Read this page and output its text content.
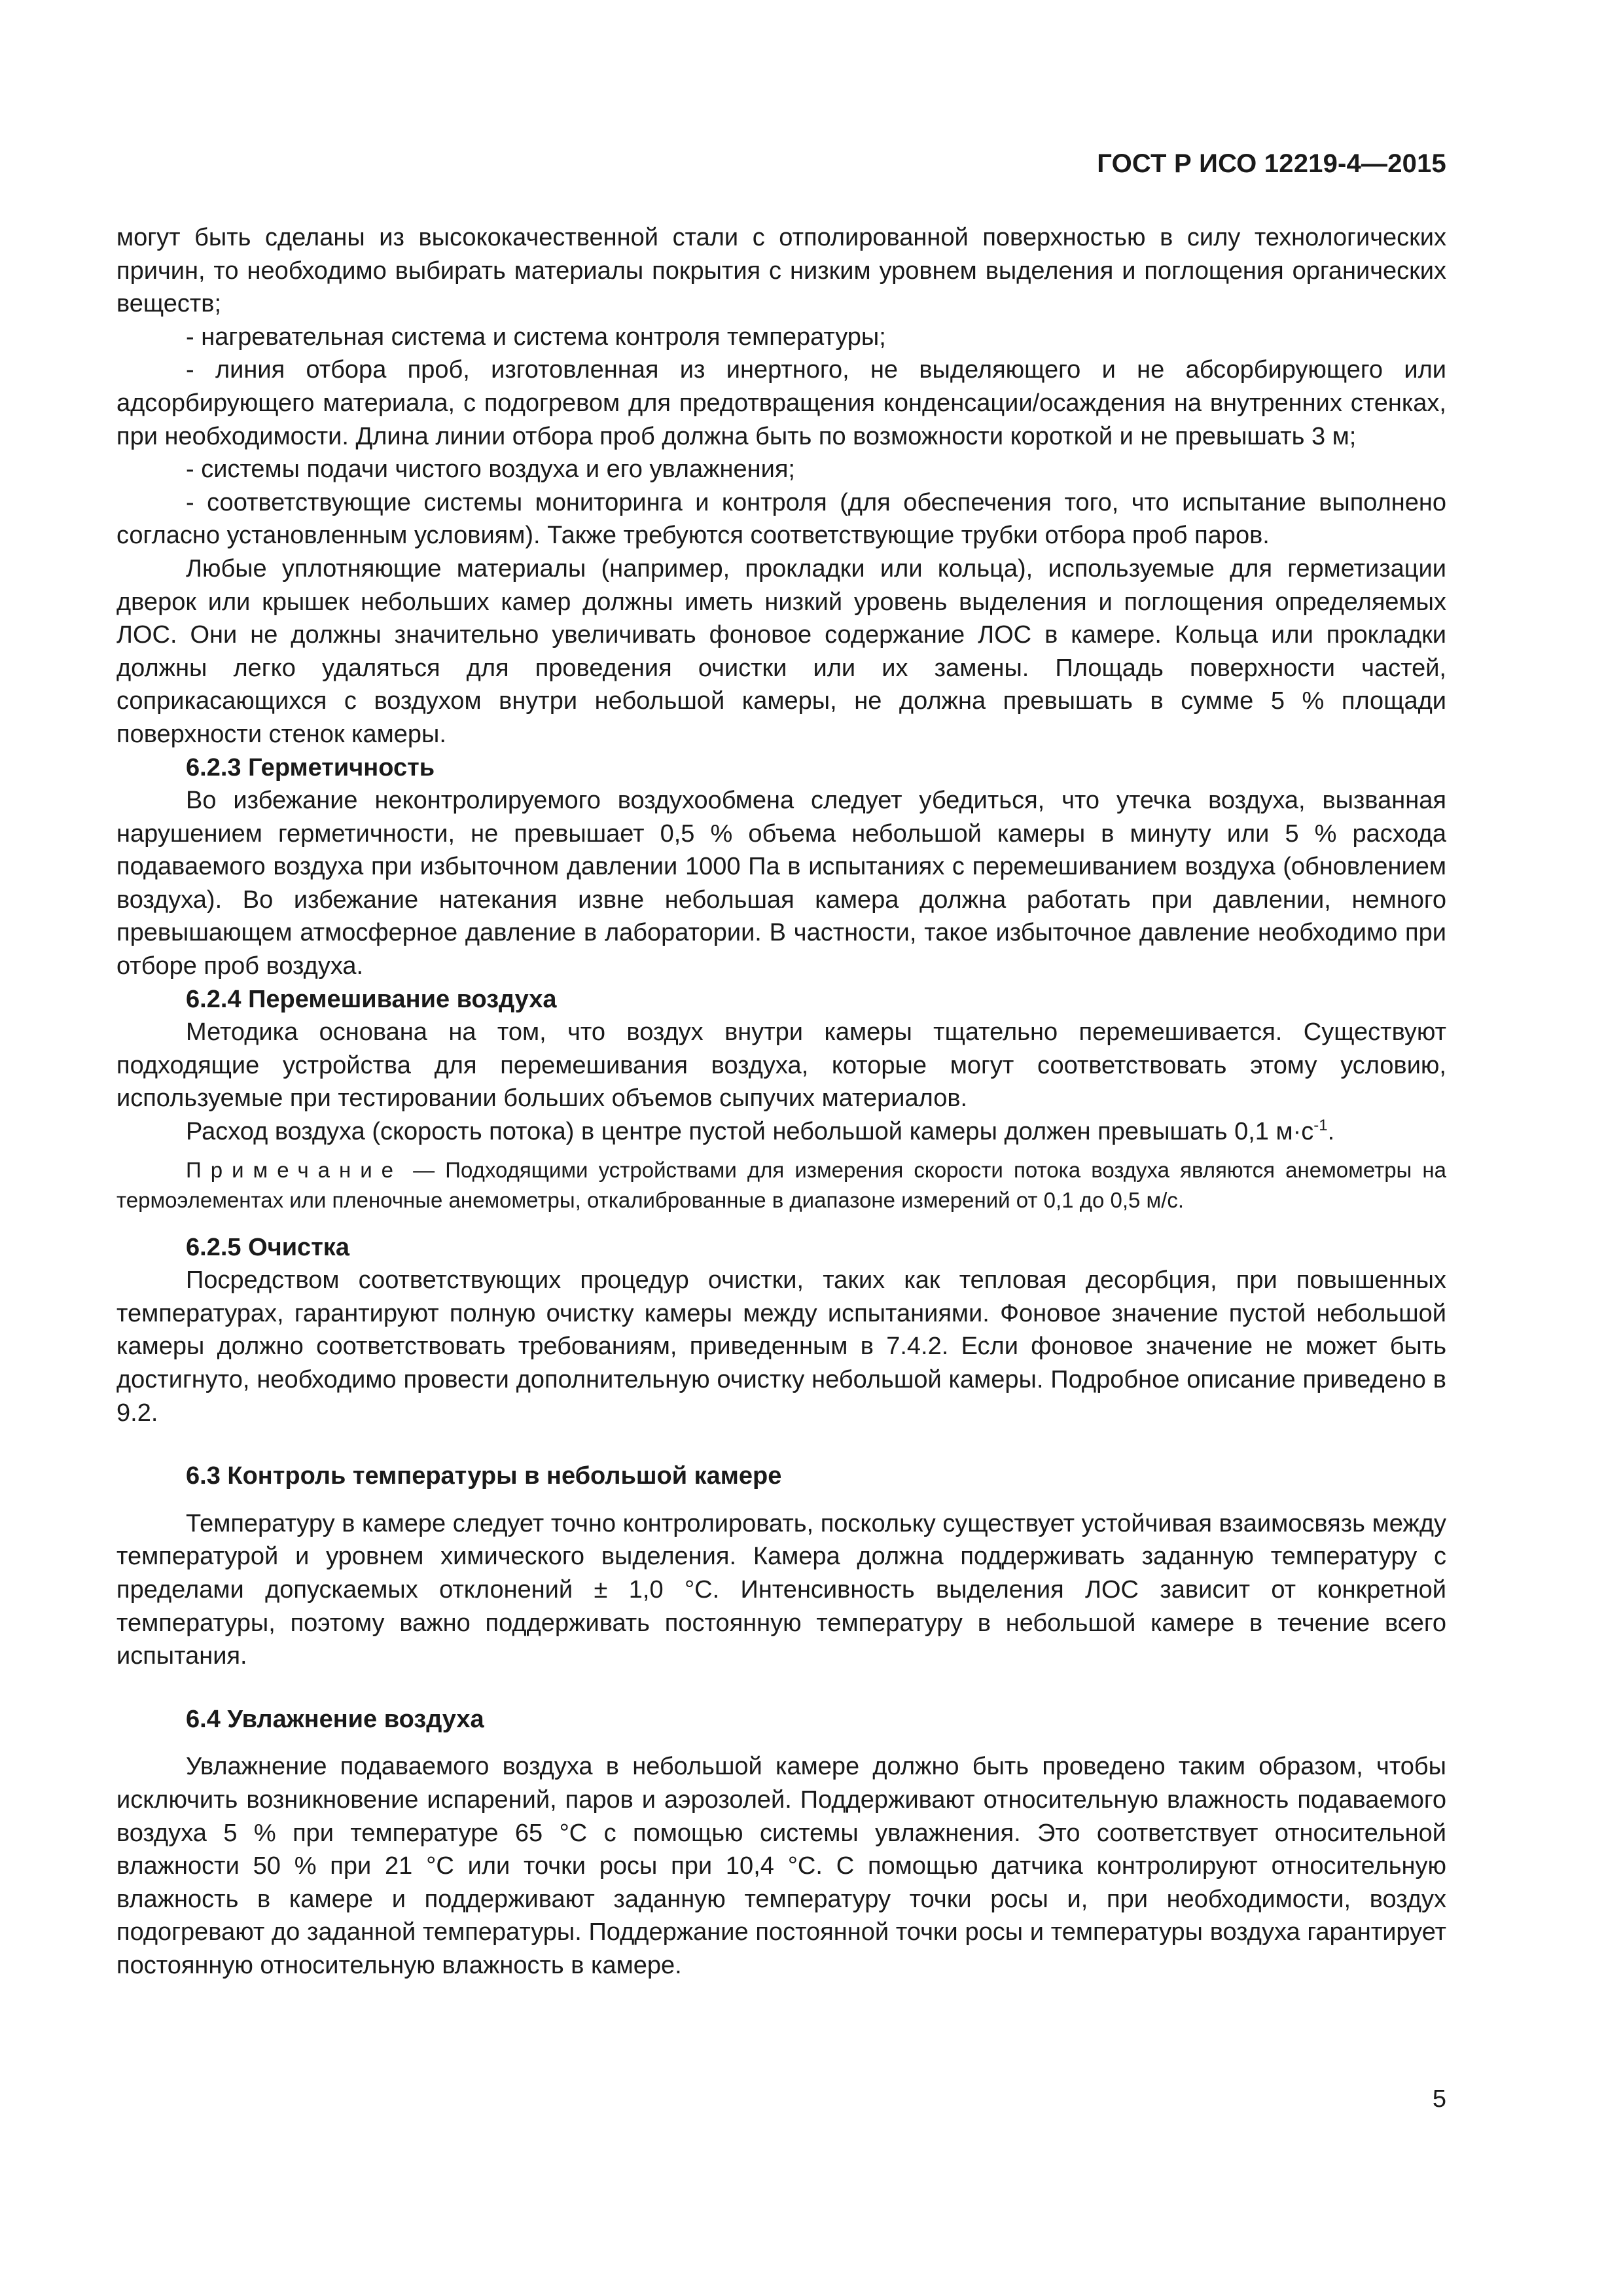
ГОСТ Р ИСО 12219-4—2015

могут быть сделаны из высококачественной стали с отполированной поверхностью в силу технологических причин, то необходимо выбирать материалы покрытия с низким уровнем выделения и поглощения органических веществ;

- нагревательная система и система контроля температуры;

- линия отбора проб, изготовленная из инертного, не выделяющего и не абсорбирующего или адсорбирующего материала, с подогревом для предотвращения конденсации/осаждения на внутренних стенках, при необходимости. Длина линии отбора проб должна быть по возможности короткой и не превышать 3 м;

- системы подачи чистого воздуха и его увлажнения;

- соответствующие системы мониторинга и контроля (для обеспечения того, что испытание выполнено согласно установленным условиям). Также требуются соответствующие трубки отбора проб паров.

Любые уплотняющие материалы (например, прокладки или кольца), используемые для герметизации дверок или крышек небольших камер должны иметь низкий уровень выделения и поглощения определяемых ЛОС. Они не должны значительно увеличивать фоновое содержание ЛОС в камере. Кольца или прокладки должны легко удаляться для проведения очистки или их замены. Площадь поверхности частей, соприкасающихся с воздухом внутри небольшой камеры, не должна превышать в сумме 5 % площади поверхности стенок камеры.

6.2.3 Герметичность

Во избежание неконтролируемого воздухообмена следует убедиться, что утечка воздуха, вызванная нарушением герметичности, не превышает 0,5 % объема небольшой камеры в минуту или 5 % расхода подаваемого воздуха при избыточном давлении 1000 Па в испытаниях с перемешиванием воздуха (обновлением воздуха). Во избежание натекания извне небольшая камера должна работать при давлении, немного превышающем атмосферное давление в лаборатории. В частности, такое избыточное давление необходимо при отборе проб воздуха.

6.2.4 Перемешивание воздуха

Методика основана на том, что воздух внутри камеры тщательно перемешивается. Существуют подходящие устройства для перемешивания воздуха, которые могут соответствовать этому условию, используемые при тестировании больших объемов сыпучих материалов.

Расход воздуха (скорость потока) в центре пустой небольшой камеры должен превышать 0,1 $м\cdot с^{-1}$.

Примечание — Подходящими устройствами для измерения скорости потока воздуха являются анемометры на термоэлементах или пленочные анемометры, откалиброванные в диапазоне измерений от 0,1 до 0,5 м/с.

6.2.5 Очистка

Посредством соответствующих процедур очистки, таких как тепловая десорбция, при повышенных температурах, гарантируют полную очистку камеры между испытаниями. Фоновое значение пустой небольшой камеры должно соответствовать требованиям, приведенным в 7.4.2. Если фоновое значение не может быть достигнуто, необходимо провести дополнительную очистку небольшой камеры. Подробное описание приведено в 9.2.

6.3 Контроль температуры в небольшой камере

Температуру в камере следует точно контролировать, поскольку существует устойчивая взаимосвязь между температурой и уровнем химического выделения. Камера должна поддерживать заданную температуру с пределами допускаемых отклонений ± 1,0 °С. Интенсивность выделения ЛОС зависит от конкретной температуры, поэтому важно поддерживать постоянную температуру в небольшой камере в течение всего испытания.

6.4 Увлажнение воздуха

Увлажнение подаваемого воздуха в небольшой камере должно быть проведено таким образом, чтобы исключить возникновение испарений, паров и аэрозолей. Поддерживают относительную влажность подаваемого воздуха 5 % при температуре 65 °С с помощью системы увлажнения. Это соответствует относительной влажности 50 % при 21 °С или точки росы при 10,4 °С. С помощью датчика контролируют относительную влажность в камере и поддерживают заданную температуру точки росы и, при необходимости, воздух подогревают до заданной температуры. Поддержание постоянной точки росы и температуры воздуха гарантирует постоянную относительную влажность в камере.

5
